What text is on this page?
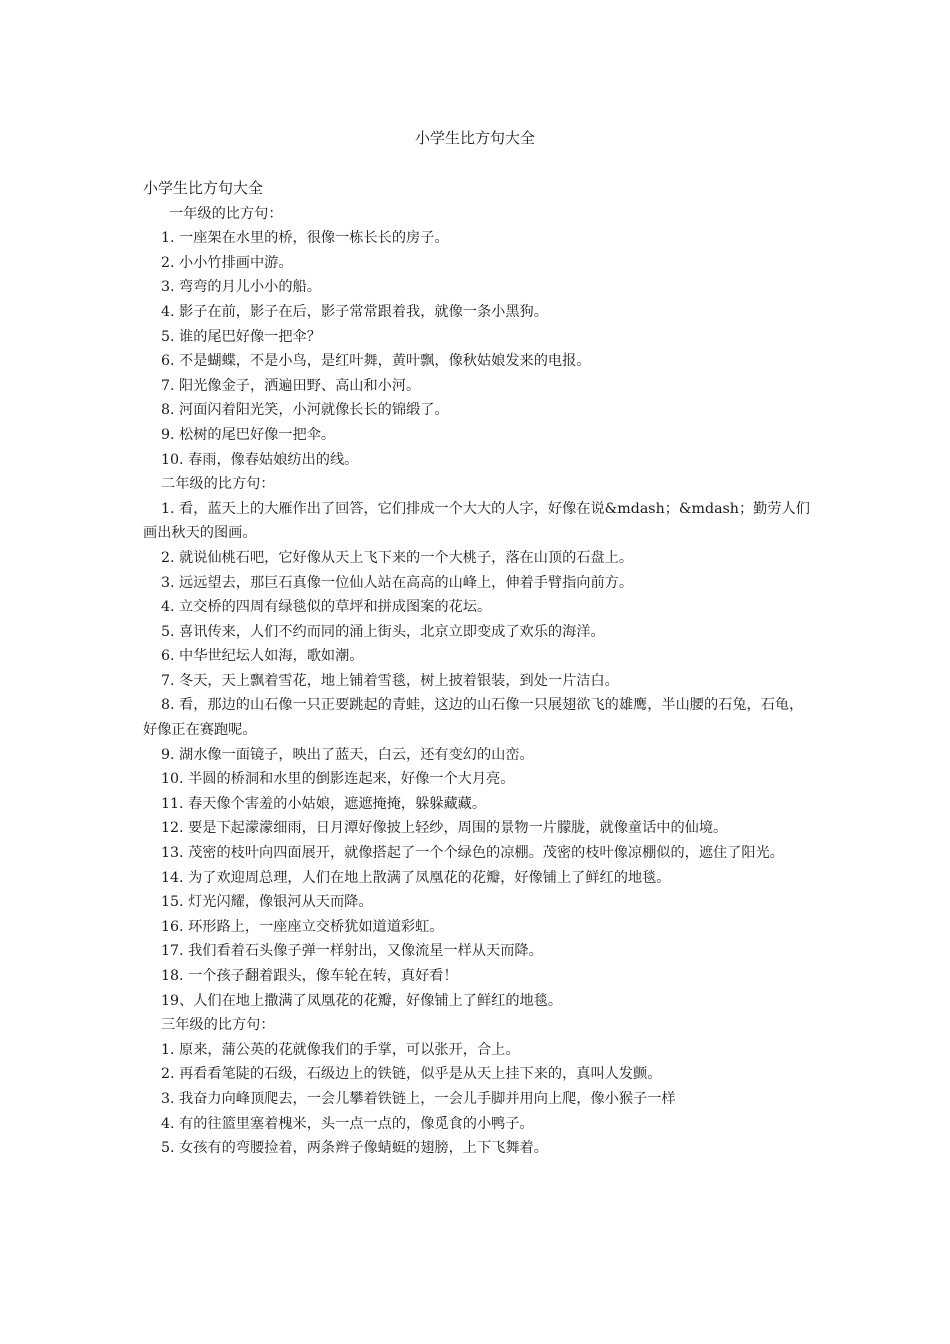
小学生比方句大全

小学生比方句大全

一年级的比方句：

1. 一座架在水里的桥，很像一栋长长的房子。

2. 小小竹排画中游。

3. 弯弯的月儿小小的船。

4. 影子在前，影子在后，影子常常跟着我，就像一条小黑狗。

5. 谁的尾巴好像一把伞？

6. 不是蝴蝶，不是小鸟，是红叶舞，黄叶飘，像秋姑娘发来的电报。

7. 阳光像金子，洒遍田野、高山和小河。

8. 河面闪着阳光笑，小河就像长长的锦缎了。

9. 松树的尾巴好像一把伞。

10. 春雨，像春姑娘纺出的线。

二年级的比方句：

1. 看，蓝天上的大雁作出了回答，它们排成一个大大的人字，好像在说&mdash；&mdash；勤劳人们画出秋天的图画。

2. 就说仙桃石吧，它好像从天上飞下来的一个大桃子，落在山顶的石盘上。

3. 远远望去，那巨石真像一位仙人站在高高的山峰上，伸着手臂指向前方。

4. 立交桥的四周有绿毯似的草坪和拼成图案的花坛。

5. 喜讯传来，人们不约而同的涌上街头，北京立即变成了欢乐的海洋。

6. 中华世纪坛人如海，歌如潮。

7. 冬天，天上飘着雪花，地上铺着雪毯，树上披着银装，到处一片洁白。

8. 看，那边的山石像一只正要跳起的青蛙，这边的山石像一只展翅欲飞的雄鹰，半山腰的石兔，石龟，好像正在赛跑呢。

9. 湖水像一面镜子，映出了蓝天，白云，还有变幻的山峦。

10. 半圆的桥洞和水里的倒影连起来，好像一个大月亮。

11. 春天像个害羞的小姑娘，遮遮掩掩，躲躲藏藏。

12. 要是下起濛濛细雨，日月潭好像披上轻纱，周围的景物一片朦胧，就像童话中的仙境。

13. 茂密的枝叶向四面展开，就像搭起了一个个绿色的凉棚。茂密的枝叶像凉棚似的，遮住了阳光。

14. 为了欢迎周总理，人们在地上散满了凤凰花的花瓣，好像铺上了鲜红的地毯。

15. 灯光闪耀，像银河从天而降。

16. 环形路上，一座座立交桥犹如道道彩虹。

17. 我们看着石头像子弹一样射出，又像流星一样从天而降。

18. 一个孩子翻着跟头，像车轮在转，真好看！

19、人们在地上撒满了凤凰花的花瓣，好像铺上了鲜红的地毯。

三年级的比方句：

1. 原来，蒲公英的花就像我们的手掌，可以张开，合上。

2. 再看看笔陡的石级，石级边上的铁链，似乎是从天上挂下来的，真叫人发颤。

3. 我奋力向峰顶爬去，一会儿攀着铁链上，一会儿手脚并用向上爬，像小猴子一样

4. 有的往篮里塞着槐米，头一点一点的，像觅食的小鸭子。

5. 女孩有的弯腰捡着，两条辫子像蜻蜓的翅膀，上下飞舞着。
